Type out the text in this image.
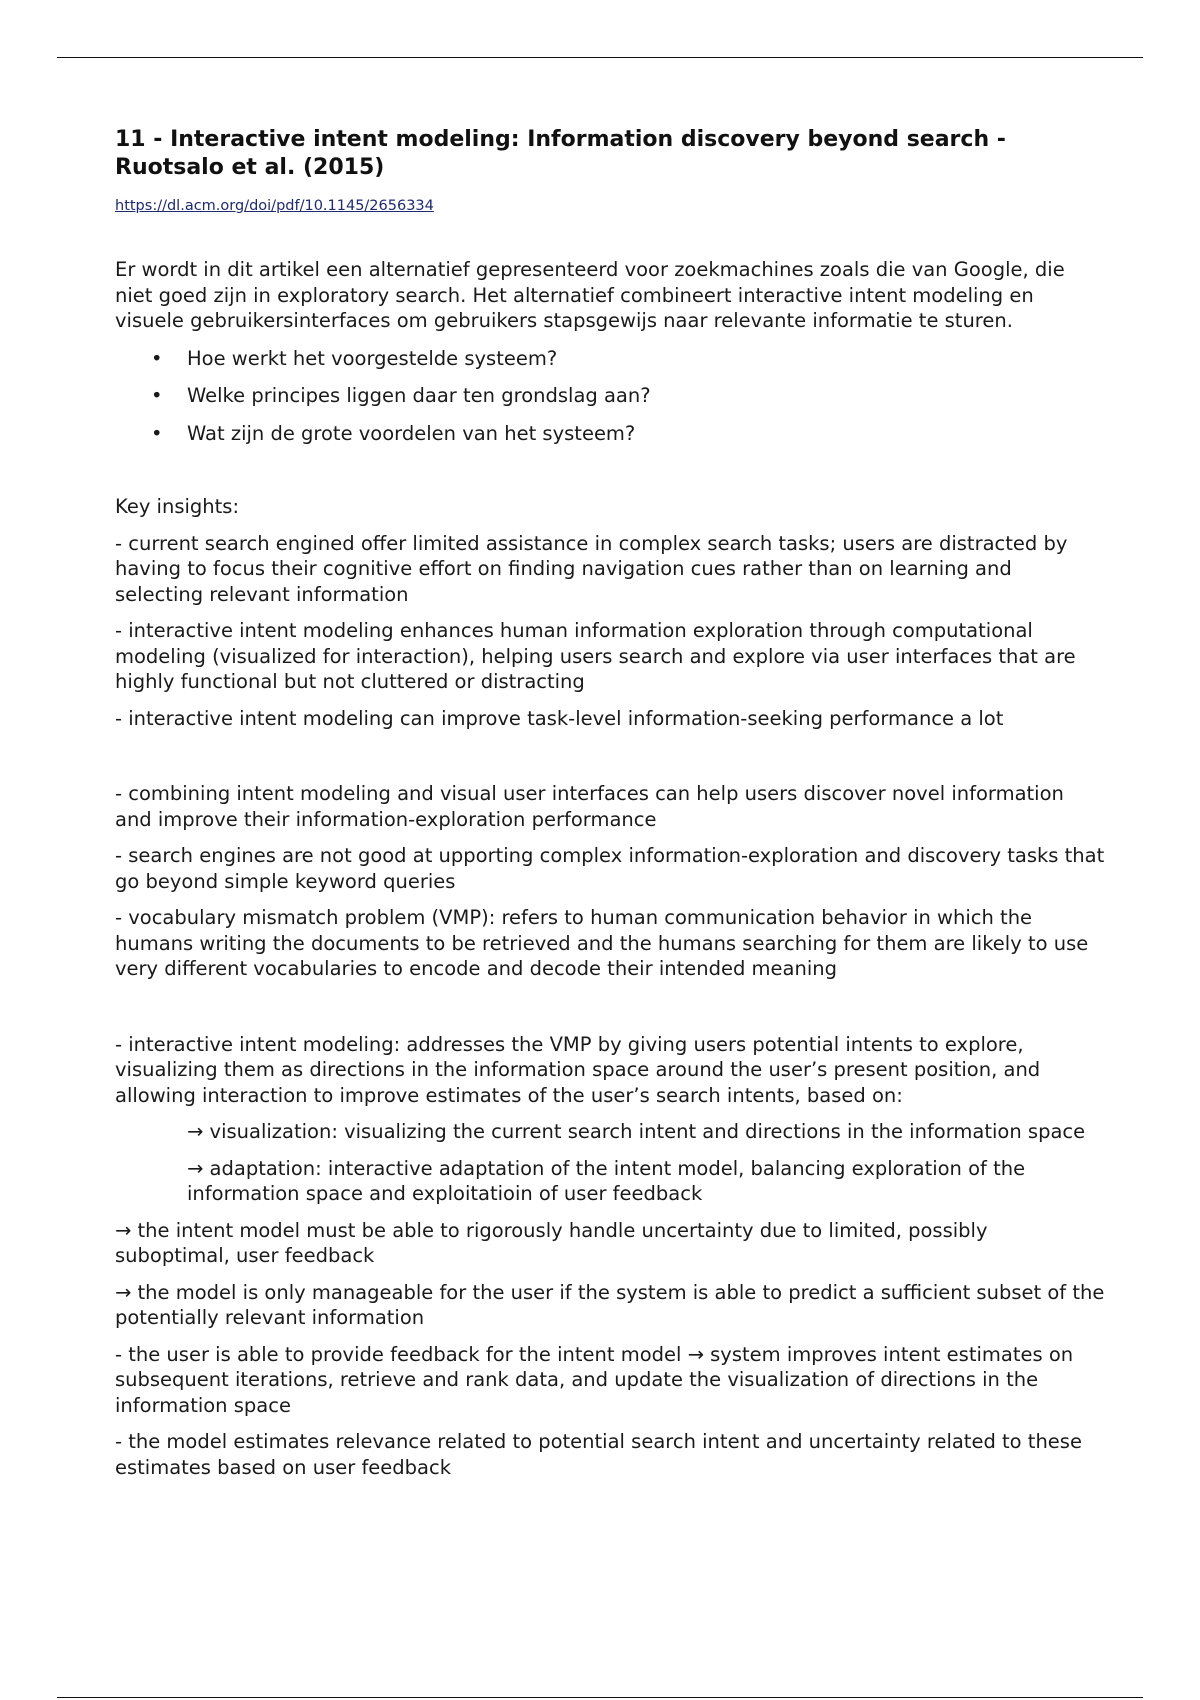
11 - Interactive intent modeling: Information discovery beyond search - Ruotsalo et al. (2015)
https://dl.acm.org/doi/pdf/10.1145/2656334

Er wordt in dit artikel een alternatief gepresenteerd voor zoekmachines zoals die van Google, die niet goed zijn in exploratory search. Het alternatief combineert interactive intent modeling en visuele gebruikersinterfaces om gebruikers stapsgewijs naar relevante informatie te sturen.

• Hoe werkt het voorgestelde systeem?
• Welke principes liggen daar ten grondslag aan?
• Wat zijn de grote voordelen van het systeem?

Key insights:

- current search engined offer limited assistance in complex search tasks; users are distracted by having to focus their cognitive effort on finding navigation cues rather than on learning and selecting relevant information

- interactive intent modeling enhances human information exploration through computational modeling (visualized for interaction), helping users search and explore via user interfaces that are highly functional but not cluttered or distracting

- interactive intent modeling can improve task-level information-seeking performance a lot

- combining intent modeling and visual user interfaces can help users discover novel information and improve their information-exploration performance

- search engines are not good at upporting complex information-exploration and discovery tasks that go beyond simple keyword queries

- vocabulary mismatch problem (VMP): refers to human communication behavior in which the humans writing the documents to be retrieved and the humans searching for them are likely to use very different vocabularies to encode and decode their intended meaning

- interactive intent modeling: addresses the VMP by giving users potential intents to explore, visualizing them as directions in the information space around the user’s present position, and allowing interaction to improve estimates of the user’s search intents, based on:

→ visualization: visualizing the current search intent and directions in the information space

→ adaptation: interactive adaptation of the intent model, balancing exploration of the information space and exploitatioin of user feedback

→ the intent model must be able to rigorously handle uncertainty due to limited, possibly suboptimal, user feedback

→ the model is only manageable for the user if the system is able to predict a sufficient subset of the potentially relevant information

- the user is able to provide feedback for the intent model → system improves intent estimates on subsequent iterations, retrieve and rank data, and update the visualization of directions in the information space

- the model estimates relevance related to potential search intent and uncertainty related to these estimates based on user feedback
